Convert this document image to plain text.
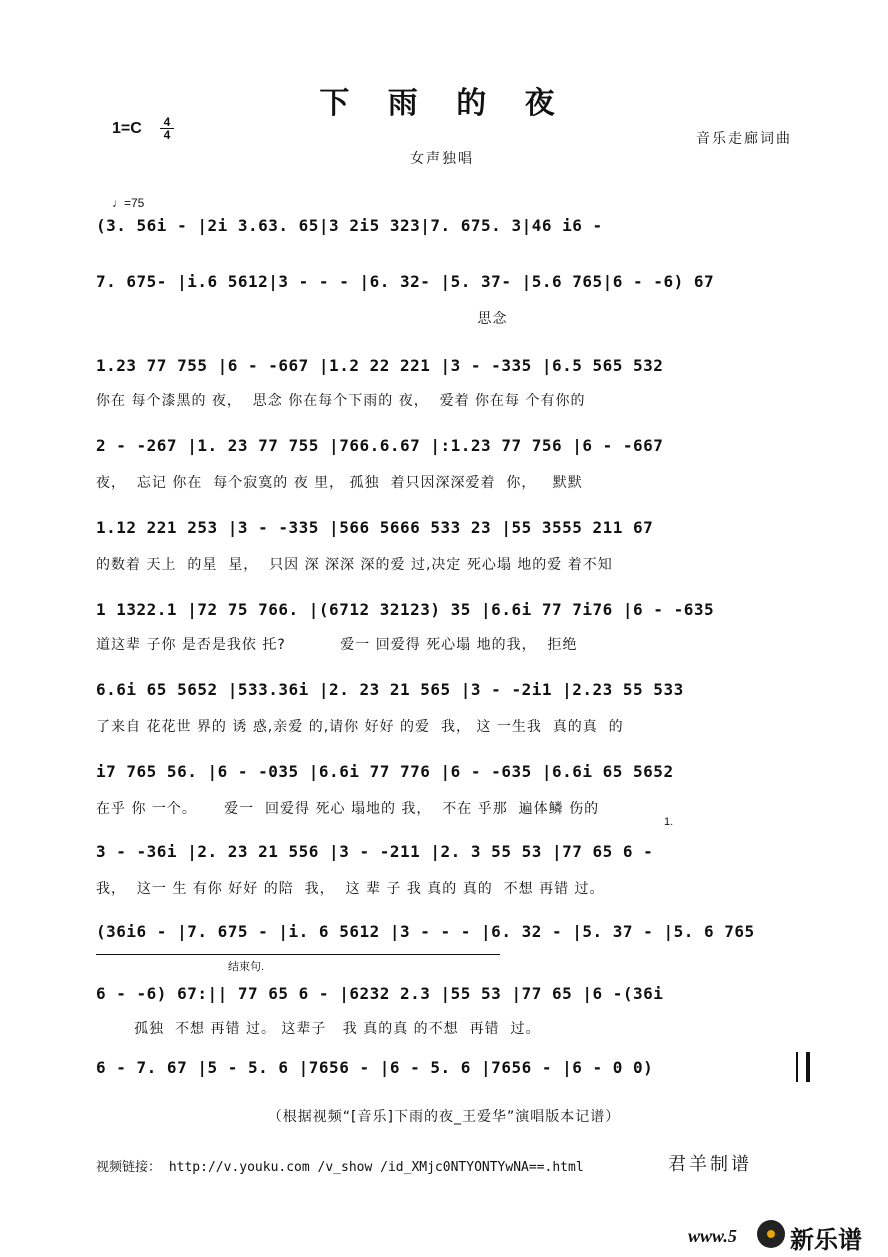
下 雨 的 夜
$1=C \frac{4}{4}$	音乐走廊词曲
女声独唱
♩=75
(3. 56i - |2i 3.63. 65|3 2i5 323|7. 675. 3|46 i6 -
7. 675- |i.6 5612|3 - - - |6. 32- |5. 37- |5.6 765|6 - -6) 67
思念
1.23 77 755 |6 - -667 |1.2 22 221 |3 - -335 |6.5 565 532
你在 每个漆黑的 夜，  思念 你在每个下雨的 夜，  爱着 你在每 个有你的
2 - -267 |1. 23 77 755 |766.6.67 |:1.23 77 756 |6 - -667
夜，  忘记 你在  每个寂寞的 夜 里， 孤独  着只因深深爱着  你，   默默
1.12 221 253 |3 - -335 |566 5666 533 23 |55 3555 211 67
的数着 天上  的星  星，  只因 深 深深 深的爱 过,决定 死心塌 地的爱 着不知
1 1322.1 |72 75 766. |(6712 32123) 35 |6.6i 77 7i76 |6 - -635
道这辈 子你 是否是我依 托?          爱一 回爱得 死心塌 地的我，  拒绝
6.6i 65 5652 |533.36i |2. 23 21 565 |3 - -2i1 |2.23 55 533
了来自 花花世 界的 诱 惑,亲爱 的,请你 好好 的爱  我， 这 一生我  真的真  的
i7 765 56. |6 - -035 |6.6i 77 776 |6 - -635 |6.6i 65 5652
在乎 你 一个。     爱一  回爱得 死心 塌地的 我，  不在 乎那  遍体鳞 伤的
1.
3 - -36i |2. 23 21 556 |3 - -211 |2. 3 55 53 |77 65 6 -
我，  这一 生 有你 好好 的陪  我，  这 辈 子 我 真的 真的  不想 再错 过。
(36i6 - |7. 675 - |i. 6 5612 |3 - - - |6. 32 - |5. 37 - |5. 6 765
结束句.
6 - -6) 67:|| 77 65 6 - |6232 2.3 |55 53 |77 65 |6 -(36i
孤独  不想 再错 过。 这辈子   我 真的真 的不想  再错  过。
6 - 7. 67 |5 - 5. 6 |7656 - |6 - 5. 6 |7656 - |6 - 0 0)
（根据视频“[音乐]下雨的夜_王爱华”演唱版本记谱）
视频链接： http://v.youku.com /v_show /id_XMjc0NTYONTYwNA==.html	君羊制谱
www.5 新乐谱
